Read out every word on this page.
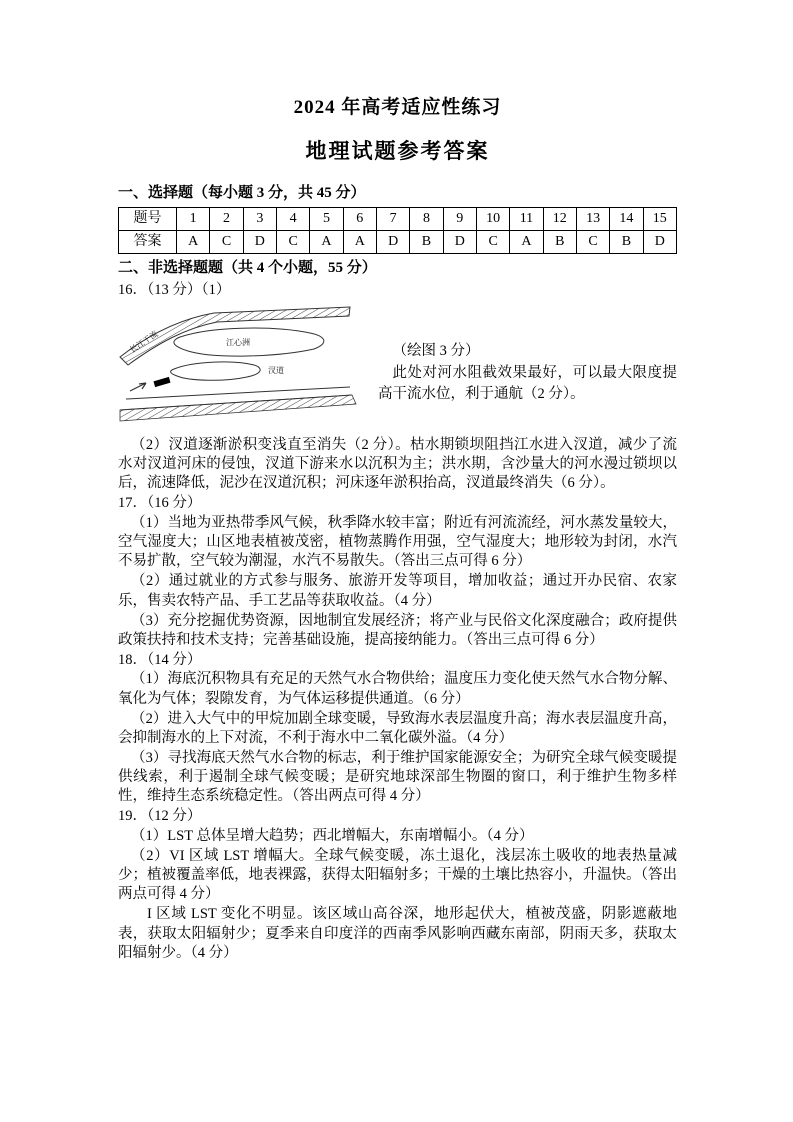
2024 年高考适应性练习
地理试题参考答案
一、选择题（每小题 3 分，共 45 分）
题号	1	2	3	4	5	6	7	8	9	10	11	12	13	14	15
答案	A	C	D	C	A	A	D	B	D	C	A	B	C	B	D
二、非选择题题（共 4 个小题，55 分）
16．（13 分）（1）
长江干流	江心洲
汊道
（绘图 3 分）
此处对河水阻截效果最好，可以最大限度提高干流水位，利于通航（2 分）。
（2）汊道逐渐淤积变浅直至消失（2 分）。枯水期锁坝阻挡江水进入汊道，减少了流水对汊道河床的侵蚀，汊道下游来水以沉积为主；洪水期，含沙量大的河水漫过锁坝以后，流速降低，泥沙在汊道沉积；河床逐年淤积抬高，汊道最终消失（6 分）。
17．（16 分）
（1）当地为亚热带季风气候，秋季降水较丰富；附近有河流流经，河水蒸发量较大，空气湿度大；山区地表植被茂密，植物蒸腾作用强，空气湿度大；地形较为封闭，水汽不易扩散，空气较为潮湿，水汽不易散失。（答出三点可得 6 分）
（2）通过就业的方式参与服务、旅游开发等项目，增加收益；通过开办民宿、农家乐，售卖农特产品、手工艺品等获取收益。（4 分）
（3）充分挖掘优势资源，因地制宜发展经济；将产业与民俗文化深度融合；政府提供政策扶持和技术支持；完善基础设施，提高接纳能力。（答出三点可得 6 分）
18．（14 分）
（1）海底沉积物具有充足的天然气水合物供给；温度压力变化使天然气水合物分解、氧化为气体；裂隙发育，为气体运移提供通道。（6 分）
（2）进入大气中的甲烷加剧全球变暖，导致海水表层温度升高；海水表层温度升高，会抑制海水的上下对流，不利于海水中二氧化碳外溢。（4 分）
（3）寻找海底天然气水合物的标志，利于维护国家能源安全；为研究全球气候变暖提供线索，利于遏制全球气候变暖；是研究地球深部生物圈的窗口，利于维护生物多样性，维持生态系统稳定性。（答出两点可得 4 分）
19．（12 分）
（1）LST 总体呈增大趋势；西北增幅大，东南增幅小。（4 分）
（2）VI 区域 LST 增幅大。全球气候变暖，冻土退化，浅层冻土吸收的地表热量减少；植被覆盖率低，地表裸露，获得太阳辐射多；干燥的土壤比热容小，升温快。（答出两点可得 4 分）
I 区域 LST 变化不明显。该区域山高谷深，地形起伏大，植被茂盛，阴影遮蔽地表，获取太阳辐射少；夏季来自印度洋的西南季风影响西藏东南部，阴雨天多，获取太阳辐射少。（4 分）
